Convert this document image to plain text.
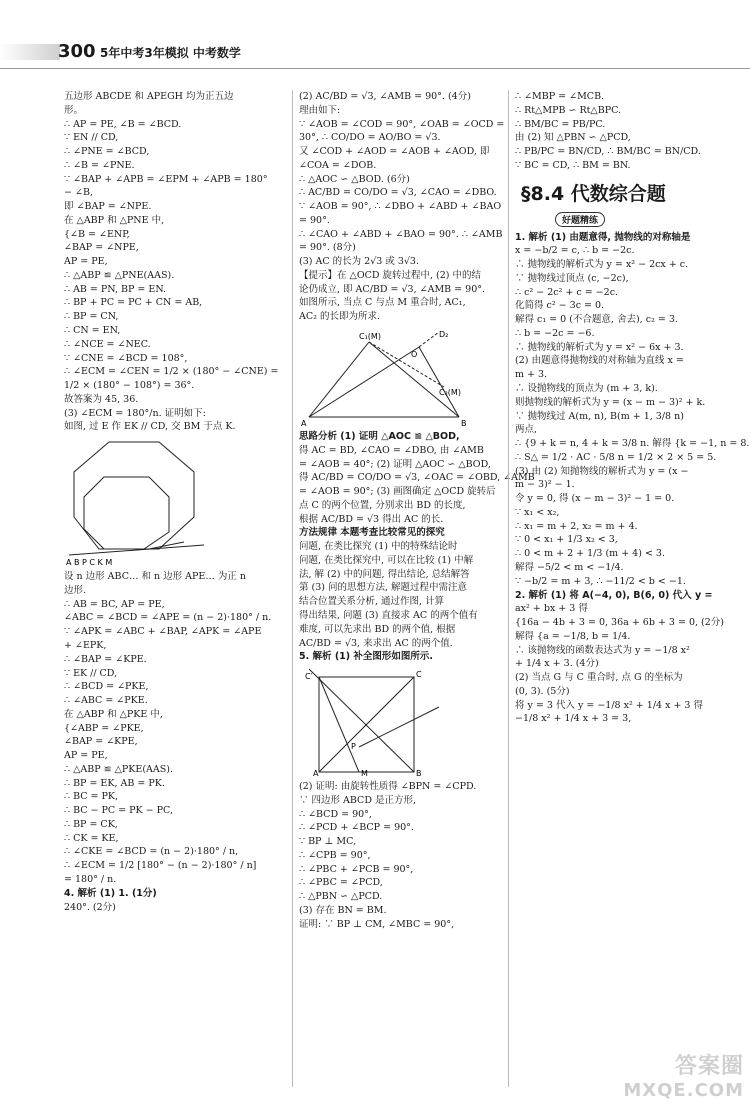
300 5年中考3年模拟 中考数学
五边形 ABCDE 和 APEGH 均为正五边
形。
∴ AP = PE, ∠B = ∠BCD.
∵ EN // CD,
∴ ∠PNE = ∠BCD,
∴ ∠B = ∠PNE.
∵ ∠BAP + ∠APB = ∠EPM + ∠APB = 180°
− ∠B,
即 ∠BAP = ∠NPE.
在 △ABP 和 △PNE 中,
{∠B = ∠ENP,
∠BAP = ∠NPE,
AP = PE,
∴ △ABP ≌ △PNE(AAS).
∴ AB = PN, BP = EN.
∴ BP + PC = PC + CN = AB,
∴ BP = CN,
∴ CN = EN,
∴ ∠NCE = ∠NEC.
∵ ∠CNE = ∠BCD = 108°,
∴ ∠ECM = ∠CEN = 1/2 × (180° − ∠CNE) =
1/2 × (180° − 108°) = 36°.
故答案为 45, 36.
(3) ∠ECM = 180°/n. 证明如下:
如图, 过 E 作 EK // CD, 交 BM 于点 K.
A B P C K M
设 n 边形 ABC… 和 n 边形 APE… 为正 n
边形.
∴ AB = BC, AP = PE,
∠ABC = ∠BCD = ∠APE = (n − 2)·180° / n.
∵ ∠APK = ∠ABC + ∠BAP, ∠APK = ∠APE
+ ∠EPK,
∴ ∠BAP = ∠KPE.
∵ EK // CD,
∴ ∠BCD = ∠PKE,
∴ ∠ABC = ∠PKE.
在 △ABP 和 △PKE 中,
{∠ABP = ∠PKE,
∠BAP = ∠KPE,
AP = PE,
∴ △ABP ≌ △PKE(AAS).
∴ BP = EK, AB = PK.
∴ BC = PK,
∴ BC − PC = PK − PC,
∴ BP = CK,
∴ CK = KE,
∴ ∠CKE = ∠BCD = (n − 2)·180° / n,
∴ ∠ECM = 1/2 [180° − (n − 2)·180° / n]
= 180° / n.
4. 解析 (1) 1. (1分)
240°. (2分)
(2) AC/BD = √3, ∠AMB = 90°. (4分)
理由如下:
∵ ∠AOB = ∠COD = 90°, ∠OAB = ∠OCD =
30°, ∴ CO/DO = AO/BO = √3.
又 ∠COD + ∠AOD = ∠AOB + ∠AOD, 即
∠COA = ∠DOB.
∴ △AOC ∽ △BOD. (6分)
∴ AC/BD = CO/DO = √3, ∠CAO = ∠DBO.
∵ ∠AOB = 90°, ∴ ∠DBO + ∠ABD + ∠BAO
= 90°.
∴ ∠CAO + ∠ABD + ∠BAO = 90°. ∴ ∠AMB
= 90°. (8分)
(3) AC 的长为 2√3 或 3√3.
【提示】在 △OCD 旋转过程中, (2) 中的结
论仍成立, 即 AC/BD = √3, ∠AMB = 90°.
如图所示, 当点 C 与点 M 重合时, AC₁,
AC₂ 的长即为所求.
A	B
C₁(M)
O
D₂
C₂(M)
思路分析 (1) 证明 △AOC ≌ △BOD,
得 AC = BD, ∠CAO = ∠DBO, 由 ∠AMB
= ∠AOB = 40°; (2) 证明 △AOC ∽ △BOD,
得 AC/BD = CO/DO = √3, ∠OAC = ∠OBD, ∠AMB
= ∠AOB = 90°; (3) 画图确定 △OCD 旋转后
点 C 的两个位置, 分别求出 BD 的长度,
根据 AC/BD = √3 得出 AC 的长.
方法规律 本题考查比较常见的探究
问题, 在类比探究 (1) 中的特殊结论时
问题, 在类比探究中, 可以在比较 (1) 中解
法, 解 (2) 中的问题, 得出结论, 总结解答
第 (3) 问的思想方法, 解题过程中需注意
结合位置关系分析, 通过作图, 计算
得出结果, 问题 (3) 直接求 AC 的两个值有
难度, 可以先求出 BD 的两个值, 根据
AC/BD = √3, 来求出 AC 的两个值.
5. 解析 (1) 补全图形如图所示.
C′
A	B
C
M
P
(2) 证明: 由旋转性质得 ∠BPN = ∠CPD.
∵ 四边形 ABCD 是正方形,
∴ ∠BCD = 90°,
∴ ∠PCD + ∠BCP = 90°.
∵ BP ⊥ MC,
∴ ∠CPB = 90°,
∴ ∠PBC + ∠PCB = 90°,
∴ ∠PBC = ∠PCD,
∴ △PBN ∽ △PCD.
(3) 存在 BN = BM.
证明: ∵ BP ⊥ CM, ∠MBC = 90°,
∴ ∠MBP = ∠MCB.
∴ Rt△MPB ∽ Rt△BPC.
∴ BM/BC = PB/PC.
由 (2) 知 △PBN ∽ △PCD,
∴ PB/PC = BN/CD, ∴ BM/BC = BN/CD.
∵ BC = CD, ∴ BM = BN.
§8.4 代数综合题
好题精练
1. 解析 (1) 由题意得, 抛物线的对称轴是
x = −b/2 = c, ∴ b = −2c.
∴ 抛物线的解析式为 y = x² − 2cx + c.
∵ 抛物线过顶点 (c, −2c),
∴ c² − 2c² + c = −2c.
化简得 c² − 3c = 0.
解得 c₁ = 0 (不合题意, 舍去), c₂ = 3.
∴ b = −2c = −6.
∴ 抛物线的解析式为 y = x² − 6x + 3.
(2) 由题意得抛物线的对称轴为直线 x =
m + 3.
∴ 设抛物线的顶点为 (m + 3, k).
则抛物线的解析式为 y = (x − m − 3)² + k.
∵ 抛物线过 A(m, n), B(m + 1, 3/8 n)
两点,
∴ {9 + k = n, 4 + k = 3/8 n. 解得 {k = −1, n = 8.
∴ S△ = 1/2 · AC · 5/8 n = 1/2 × 2 × 5 = 5.
(3) 由 (2) 知抛物线的解析式为 y = (x −
m − 3)² − 1.
令 y = 0, 得 (x − m − 3)² − 1 = 0.
∵ x₁ < x₂,
∴ x₁ = m + 2, x₂ = m + 4.
∵ 0 < x₁ + 1/3 x₂ < 3,
∴ 0 < m + 2 + 1/3 (m + 4) < 3.
解得 −5/2 < m < −1/4.
∵ −b/2 = m + 3, ∴ −11/2 < b < −1.
2. 解析 (1) 将 A(−4, 0), B(6, 0) 代入 y =
ax² + bx + 3 得
{16a − 4b + 3 = 0, 36a + 6b + 3 = 0, (2分)
解得 {a = −1/8, b = 1/4.
∴ 该抛物线的函数表达式为 y = −1/8 x²
+ 1/4 x + 3. (4分)
(2) 当点 G 与 C 重合时, 点 G 的坐标为
(0, 3). (5分)
将 y = 3 代入 y = −1/8 x² + 1/4 x + 3 得
−1/8 x² + 1/4 x + 3 = 3,
答案圈
MXQE.COM
